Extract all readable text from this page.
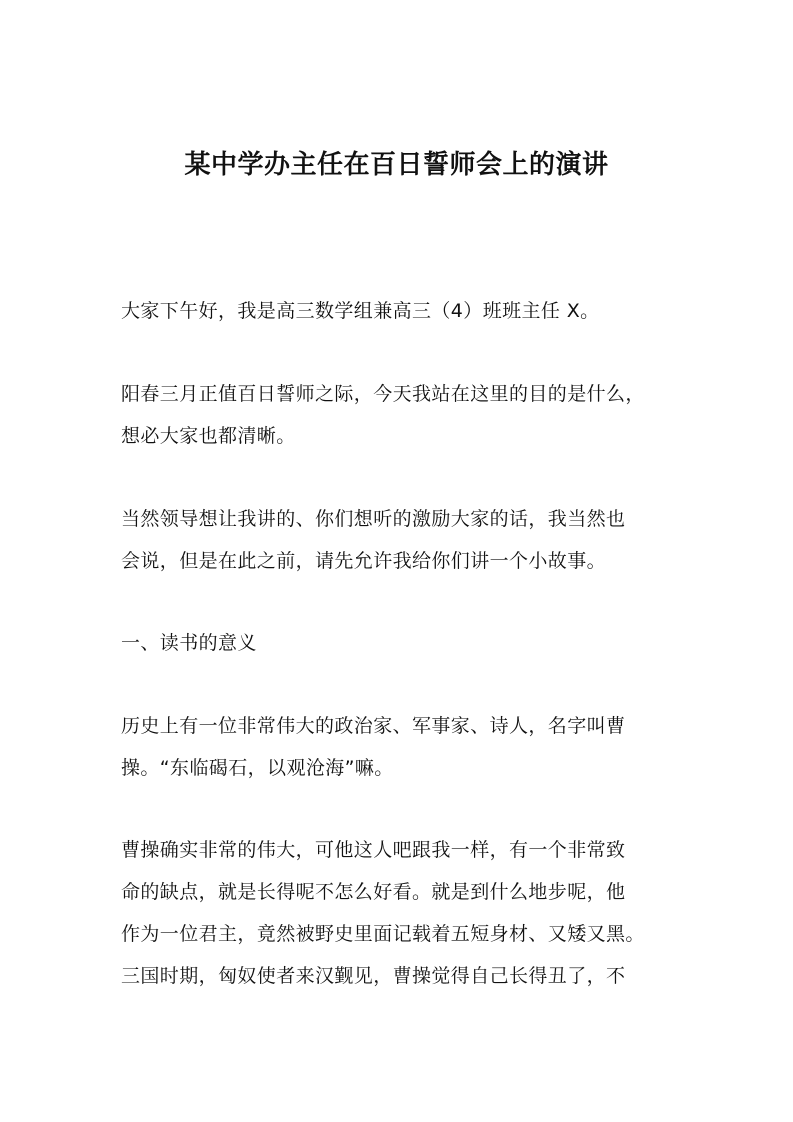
某中学办主任在百日誓师会上的演讲

大家下午好，我是高三数学组兼高三（4）班班主任 X。

阳春三月正值百日誓师之际，今天我站在这里的目的是什么，
想必大家也都清晰。

当然领导想让我讲的、你们想听的激励大家的话，我当然也
会说，但是在此之前，请先允许我给你们讲一个小故事。

一、读书的意义

历史上有一位非常伟大的政治家、军事家、诗人，名字叫曹
操。“东临碣石，以观沧海”嘛。

曹操确实非常的伟大，可他这人吧跟我一样，有一个非常致
命的缺点，就是长得呢不怎么好看。就是到什么地步呢，他
作为一位君主，竟然被野史里面记载着五短身材、又矮又黑。
三国时期，匈奴使者来汉觐见，曹操觉得自己长得丑了，不
